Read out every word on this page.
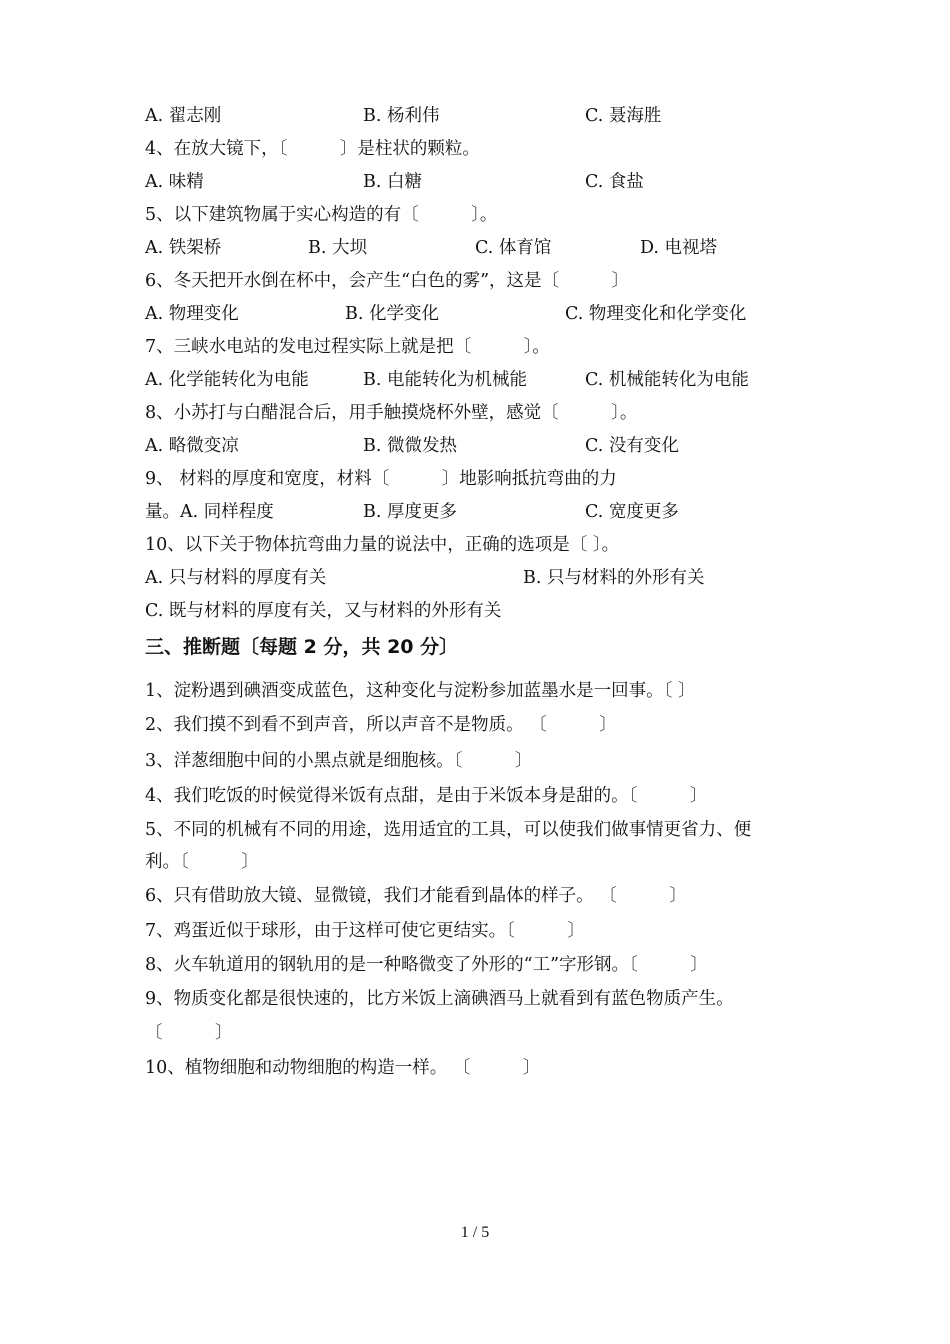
A. 翟志刚

	B. 杨利伟

	C. 聂海胜

4、在放大镜下，〔　　　〕是柱状的颗粒。

A. 味精

	B. 白糖

	C. 食盐

5、以下建筑物属于实心构造的有〔　　　〕。

A. 铁架桥

	B. 大坝

	C. 体育馆

	D. 电视塔

6、冬天把开水倒在杯中，会产生“白色的雾”，这是〔　　　〕

A. 物理变化

	B. 化学变化

	C. 物理变化和化学变化

7、三峡水电站的发电过程实际上就是把〔　　　〕。

A. 化学能转化为电能

	B. 电能转化为机械能

	C. 机械能转化为电能

8、小苏打与白醋混合后，用手触摸烧杯外壁，感觉〔　　　〕。

A. 略微变凉

	B. 微微发热

	C. 没有变化

9、 材料的厚度和宽度，材料〔　　　〕地影响抵抗弯曲的力

量。A. 同样程度

	B. 厚度更多

	C. 宽度更多

10、以下关于物体抗弯曲力量的说法中，正确的选项是〔 〕。

A. 只与材料的厚度有关

	B. 只与材料的外形有关

C. 既与材料的厚度有关，又与材料的外形有关
三、推断题〔每题 2 分，共 20 分〕
1、淀粉遇到碘酒变成蓝色，这种变化与淀粉参加蓝墨水是一回事。〔 〕
2、我们摸不到看不到声音，所以声音不是物质。 〔　　　〕
3、洋葱细胞中间的小黑点就是细胞核。〔　　　〕
4、我们吃饭的时候觉得米饭有点甜，是由于米饭本身是甜的。〔　　　〕
5、不同的机械有不同的用途，选用适宜的工具，可以使我们做事情更省力、便
利。〔　　　〕
6、只有借助放大镜、显微镜，我们才能看到晶体的样子。 〔　　　〕
7、鸡蛋近似于球形，由于这样可使它更结实。〔　　　〕
8、火车轨道用的钢轨用的是一种略微变了外形的“工”字形钢。〔　　　〕
9、物质变化都是很快速的，比方米饭上滴碘酒马上就看到有蓝色物质产生。
〔　　　〕
10、植物细胞和动物细胞的构造一样。 〔　　　〕
1 / 5
